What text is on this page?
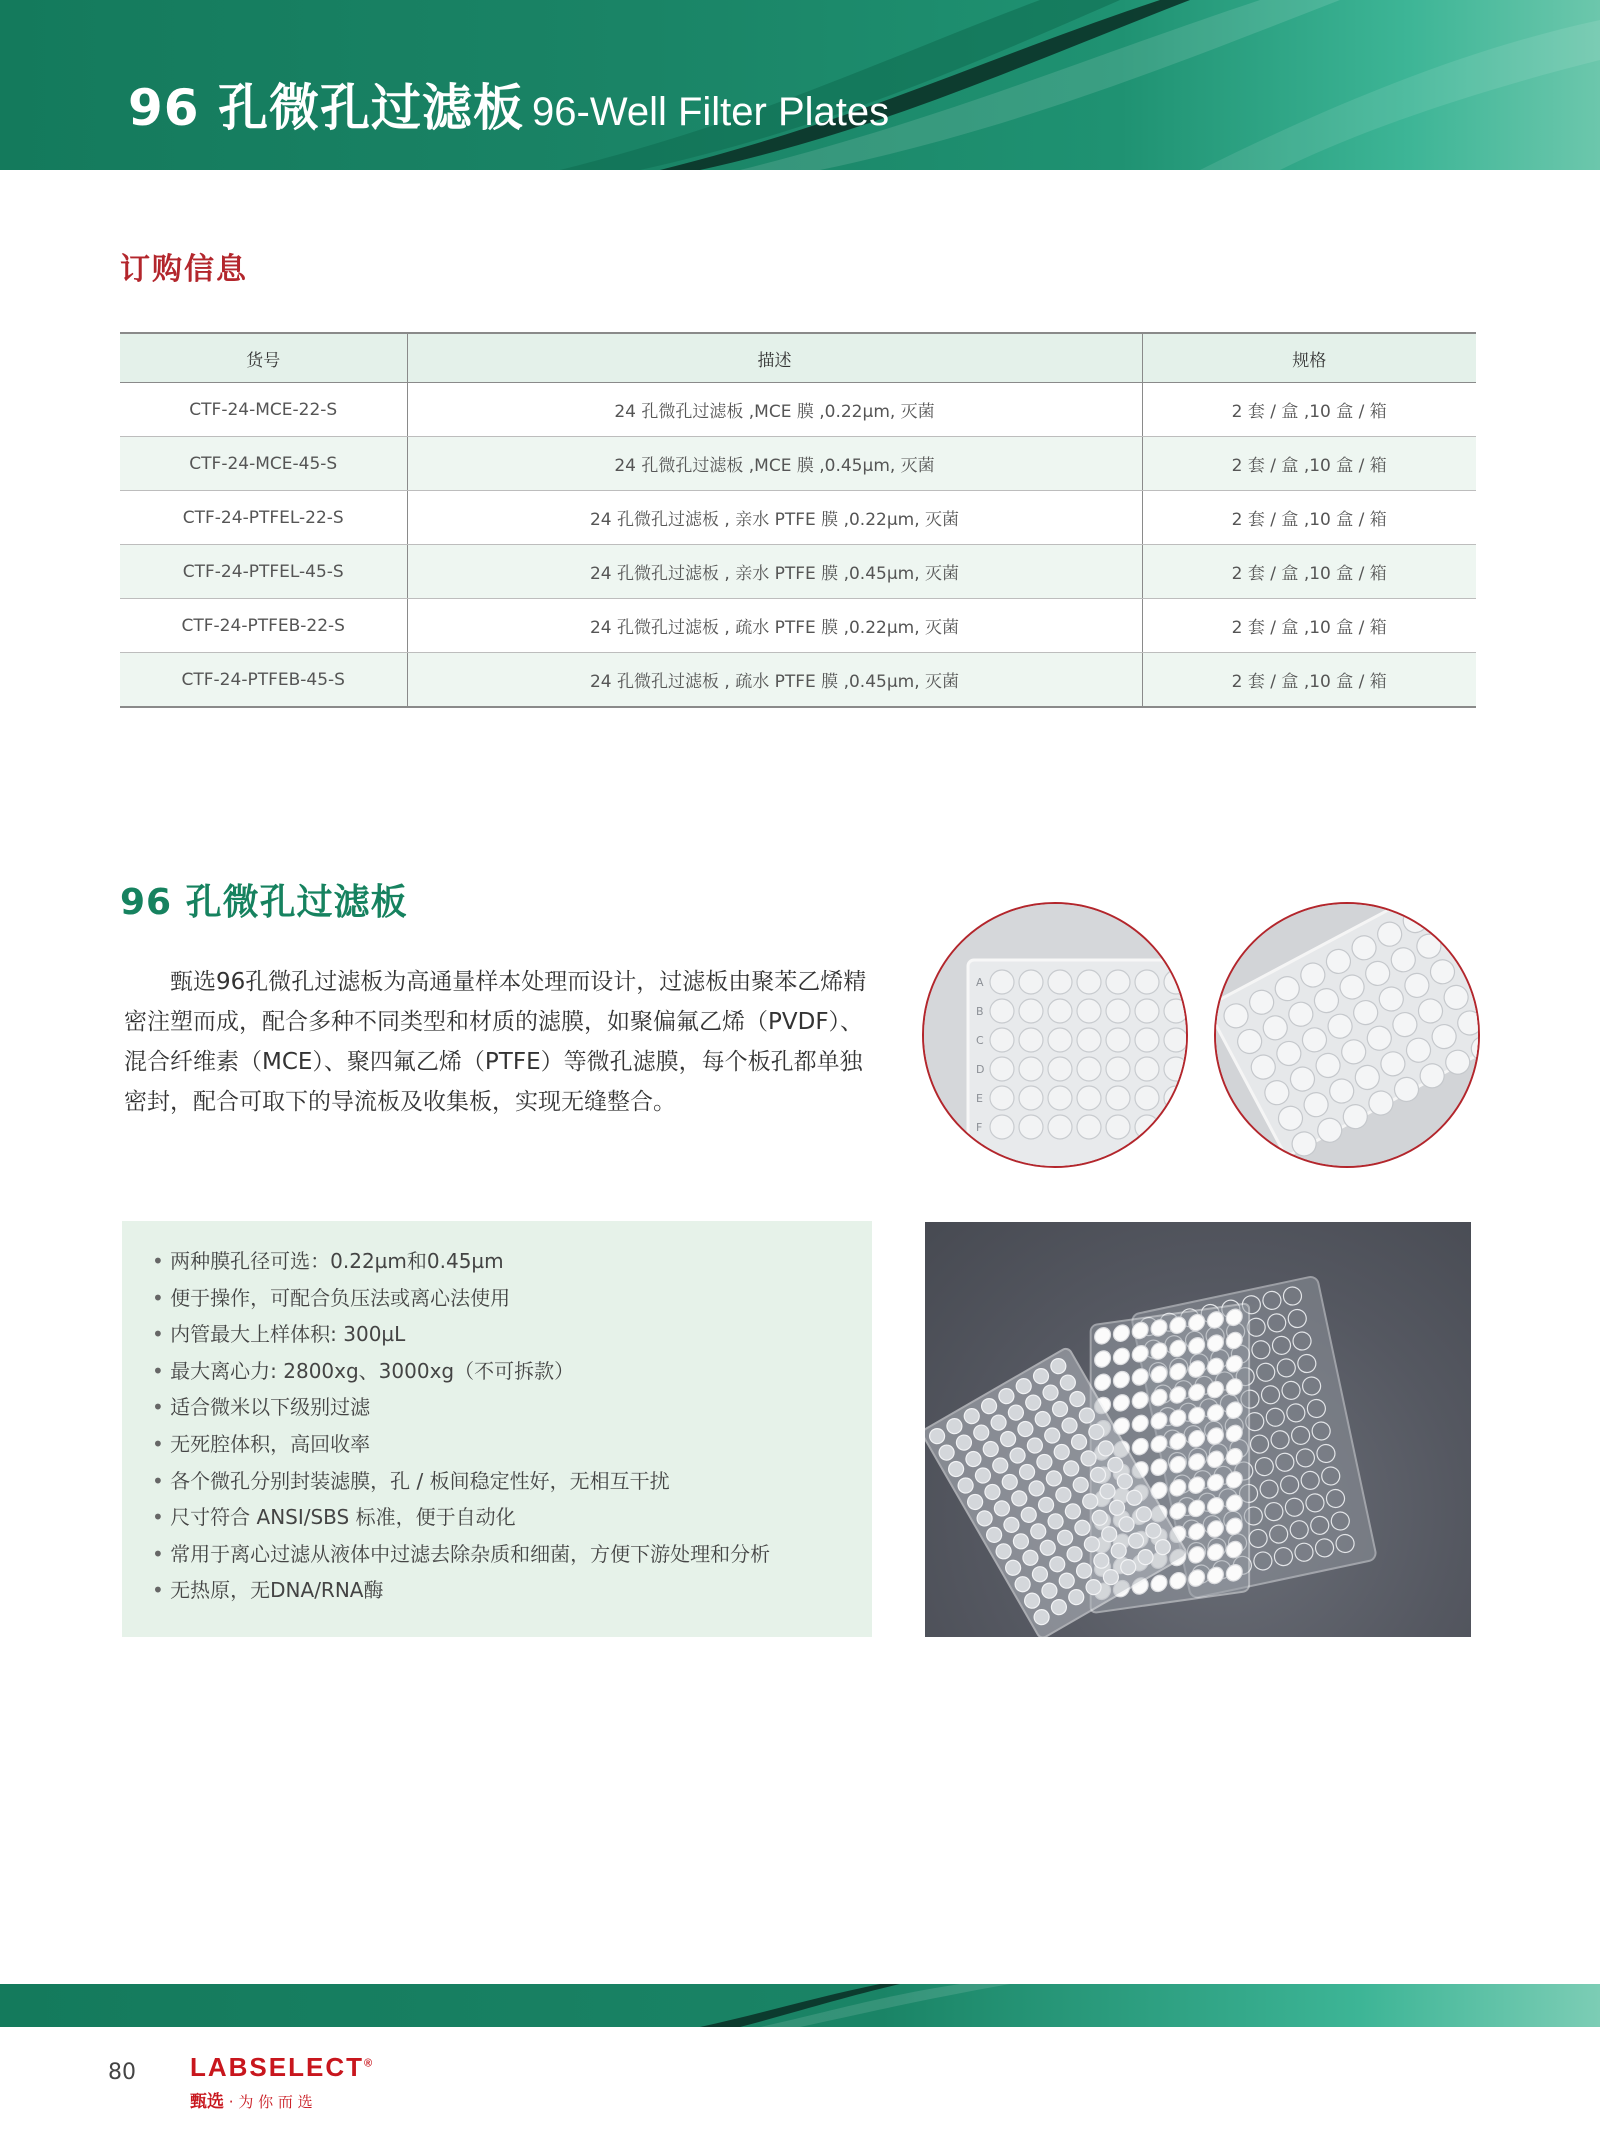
96 孔微孔过滤板 96-Well Filter Plates
订购信息
货号	描述	规格
CTF-24-MCE-22-S	24 孔微孔过滤板 ,MCE 膜 ,0.22µm, 灭菌	2 套 / 盒 ,10 盒 / 箱
CTF-24-MCE-45-S	24 孔微孔过滤板 ,MCE 膜 ,0.45µm, 灭菌	2 套 / 盒 ,10 盒 / 箱
CTF-24-PTFEL-22-S	24 孔微孔过滤板 , 亲水 PTFE 膜 ,0.22µm, 灭菌	2 套 / 盒 ,10 盒 / 箱
CTF-24-PTFEL-45-S	24 孔微孔过滤板 , 亲水 PTFE 膜 ,0.45µm, 灭菌	2 套 / 盒 ,10 盒 / 箱
CTF-24-PTFEB-22-S	24 孔微孔过滤板 , 疏水 PTFE 膜 ,0.22µm, 灭菌	2 套 / 盒 ,10 盒 / 箱
CTF-24-PTFEB-45-S	24 孔微孔过滤板 , 疏水 PTFE 膜 ,0.45µm, 灭菌	2 套 / 盒 ,10 盒 / 箱
96 孔微孔过滤板

甄选96孔微孔过滤板为高通量样本处理而设计，过滤板由聚苯乙烯精密注塑而成，配合多种不同类型和材质的滤膜，如聚偏氟乙烯（PVDF）、混合纤维素（MCE）、聚四氟乙烯（PTFE）等微孔滤膜，每个板孔都单独密封，配合可取下的导流板及收集板，实现无缝整合。

A
B
C
D
E
F
• 两种膜孔径可选：0.22µm和0.45µm
• 便于操作，可配合负压法或离心法使用
• 内管最大上样体积: 300µL
• 最大离心力: 2800xg、3000xg（不可拆款）
• 适合微米以下级别过滤
• 无死腔体积，高回收率
• 各个微孔分别封装滤膜，孔 / 板间稳定性好，无相互干扰
• 尺寸符合 ANSI/SBS 标准，便于自动化
• 常用于离心过滤从液体中过滤去除杂质和细菌，方便下游处理和分析
• 无热原，无DNA/RNA酶
80 LABSELECT®
甄选 · 为 你 而 选
